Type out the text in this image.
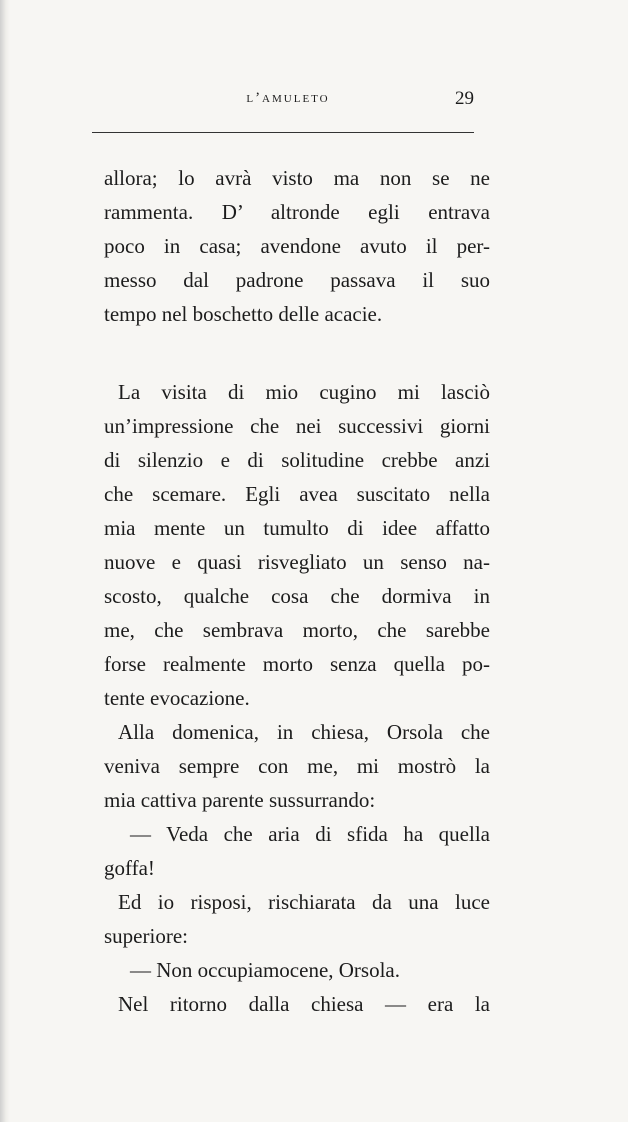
l’amuleto	29
allora; lo avrà visto ma non se ne
rammenta. D’ altronde egli entrava
poco in casa; avendone avuto il per-
messo dal padrone passava il suo
tempo nel boschetto delle acacie.
La visita di mio cugino mi lasciò
un’impressione che nei successivi giorni
di silenzio e di solitudine crebbe anzi
che scemare. Egli avea suscitato nella
mia mente un tumulto di idee affatto
nuove e quasi risvegliato un senso na-
scosto, qualche cosa che dormiva in
me, che sembrava morto, che sarebbe
forse realmente morto senza quella po-
tente evocazione.
Alla domenica, in chiesa, Orsola che
veniva sempre con me, mi mostrò la
mia cattiva parente sussurrando:
— Veda che aria di sfida ha quella
goffa!
Ed io risposi, rischiarata da una luce
superiore:
— Non occupiamocene, Orsola.
Nel ritorno dalla chiesa — era la
